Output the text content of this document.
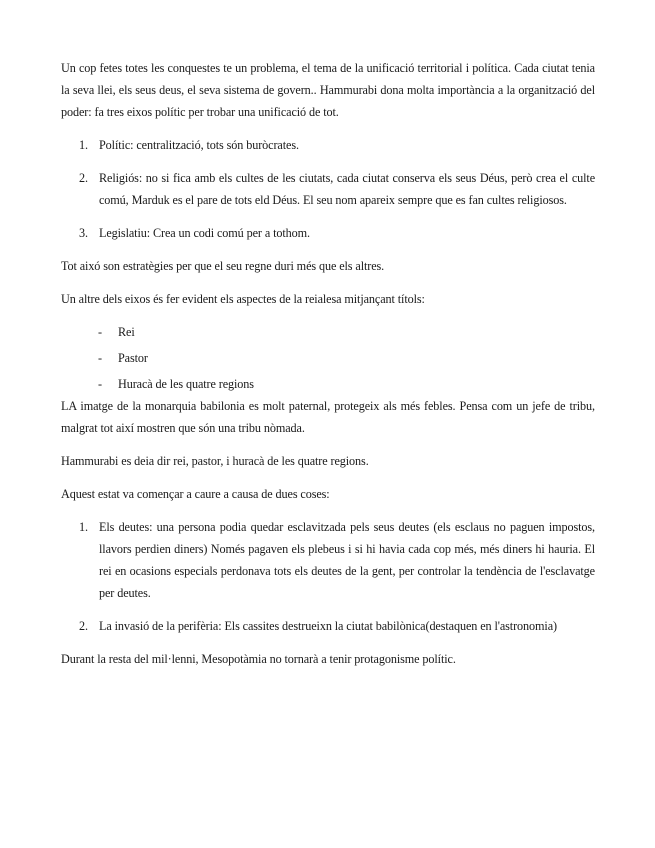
Un cop fetes totes les conquestes te un problema, el tema de la unificació territorial i política. Cada ciutat tenia la seva llei, els seus deus, el seva sistema de govern.. Hammurabi dona molta importància a la organització del poder: fa tres eixos polític per trobar una unificació de tot.

1. Polític: centralització, tots són buròcrates.
2. Religiós: no si fica amb els cultes de les ciutats, cada ciutat conserva els seus Déus, però crea el culte comú, Marduk es el pare de tots eld Déus. El seu nom apareix sempre que es fan cultes religiosos.
3. Legislatiu: Crea un codi comú per a tothom.

Tot aixó son estratègies per que el seu regne duri més que els altres.

Un altre dels eixos és fer evident els aspectes de la reialesa mitjançant títols:

- Rei
- Pastor
- Huracà de les quatre regions

LA imatge de la monarquia babilonia es molt paternal, protegeix als més febles. Pensa com un jefe de tribu, malgrat tot així mostren que són una tribu nòmada.

Hammurabi es deia dir rei, pastor, i huracà de les quatre regions.

Aquest estat va començar a caure a causa de dues coses:

1. Els deutes: una persona podia quedar esclavitzada pels seus deutes (els esclaus no paguen impostos, llavors perdien diners) Només pagaven els plebeus i si hi havia cada cop més, més diners hi hauria. El rei en ocasions especials perdonava tots els deutes de la gent, per controlar la tendència de l'esclavatge per deutes.
2. La invasió de la perifèria: Els cassites destrueixn la ciutat babilònica(destaquen en l'astronomia)

Durant la resta del mil·lenni, Mesopotàmia no tornarà a tenir protagonisme polític.
